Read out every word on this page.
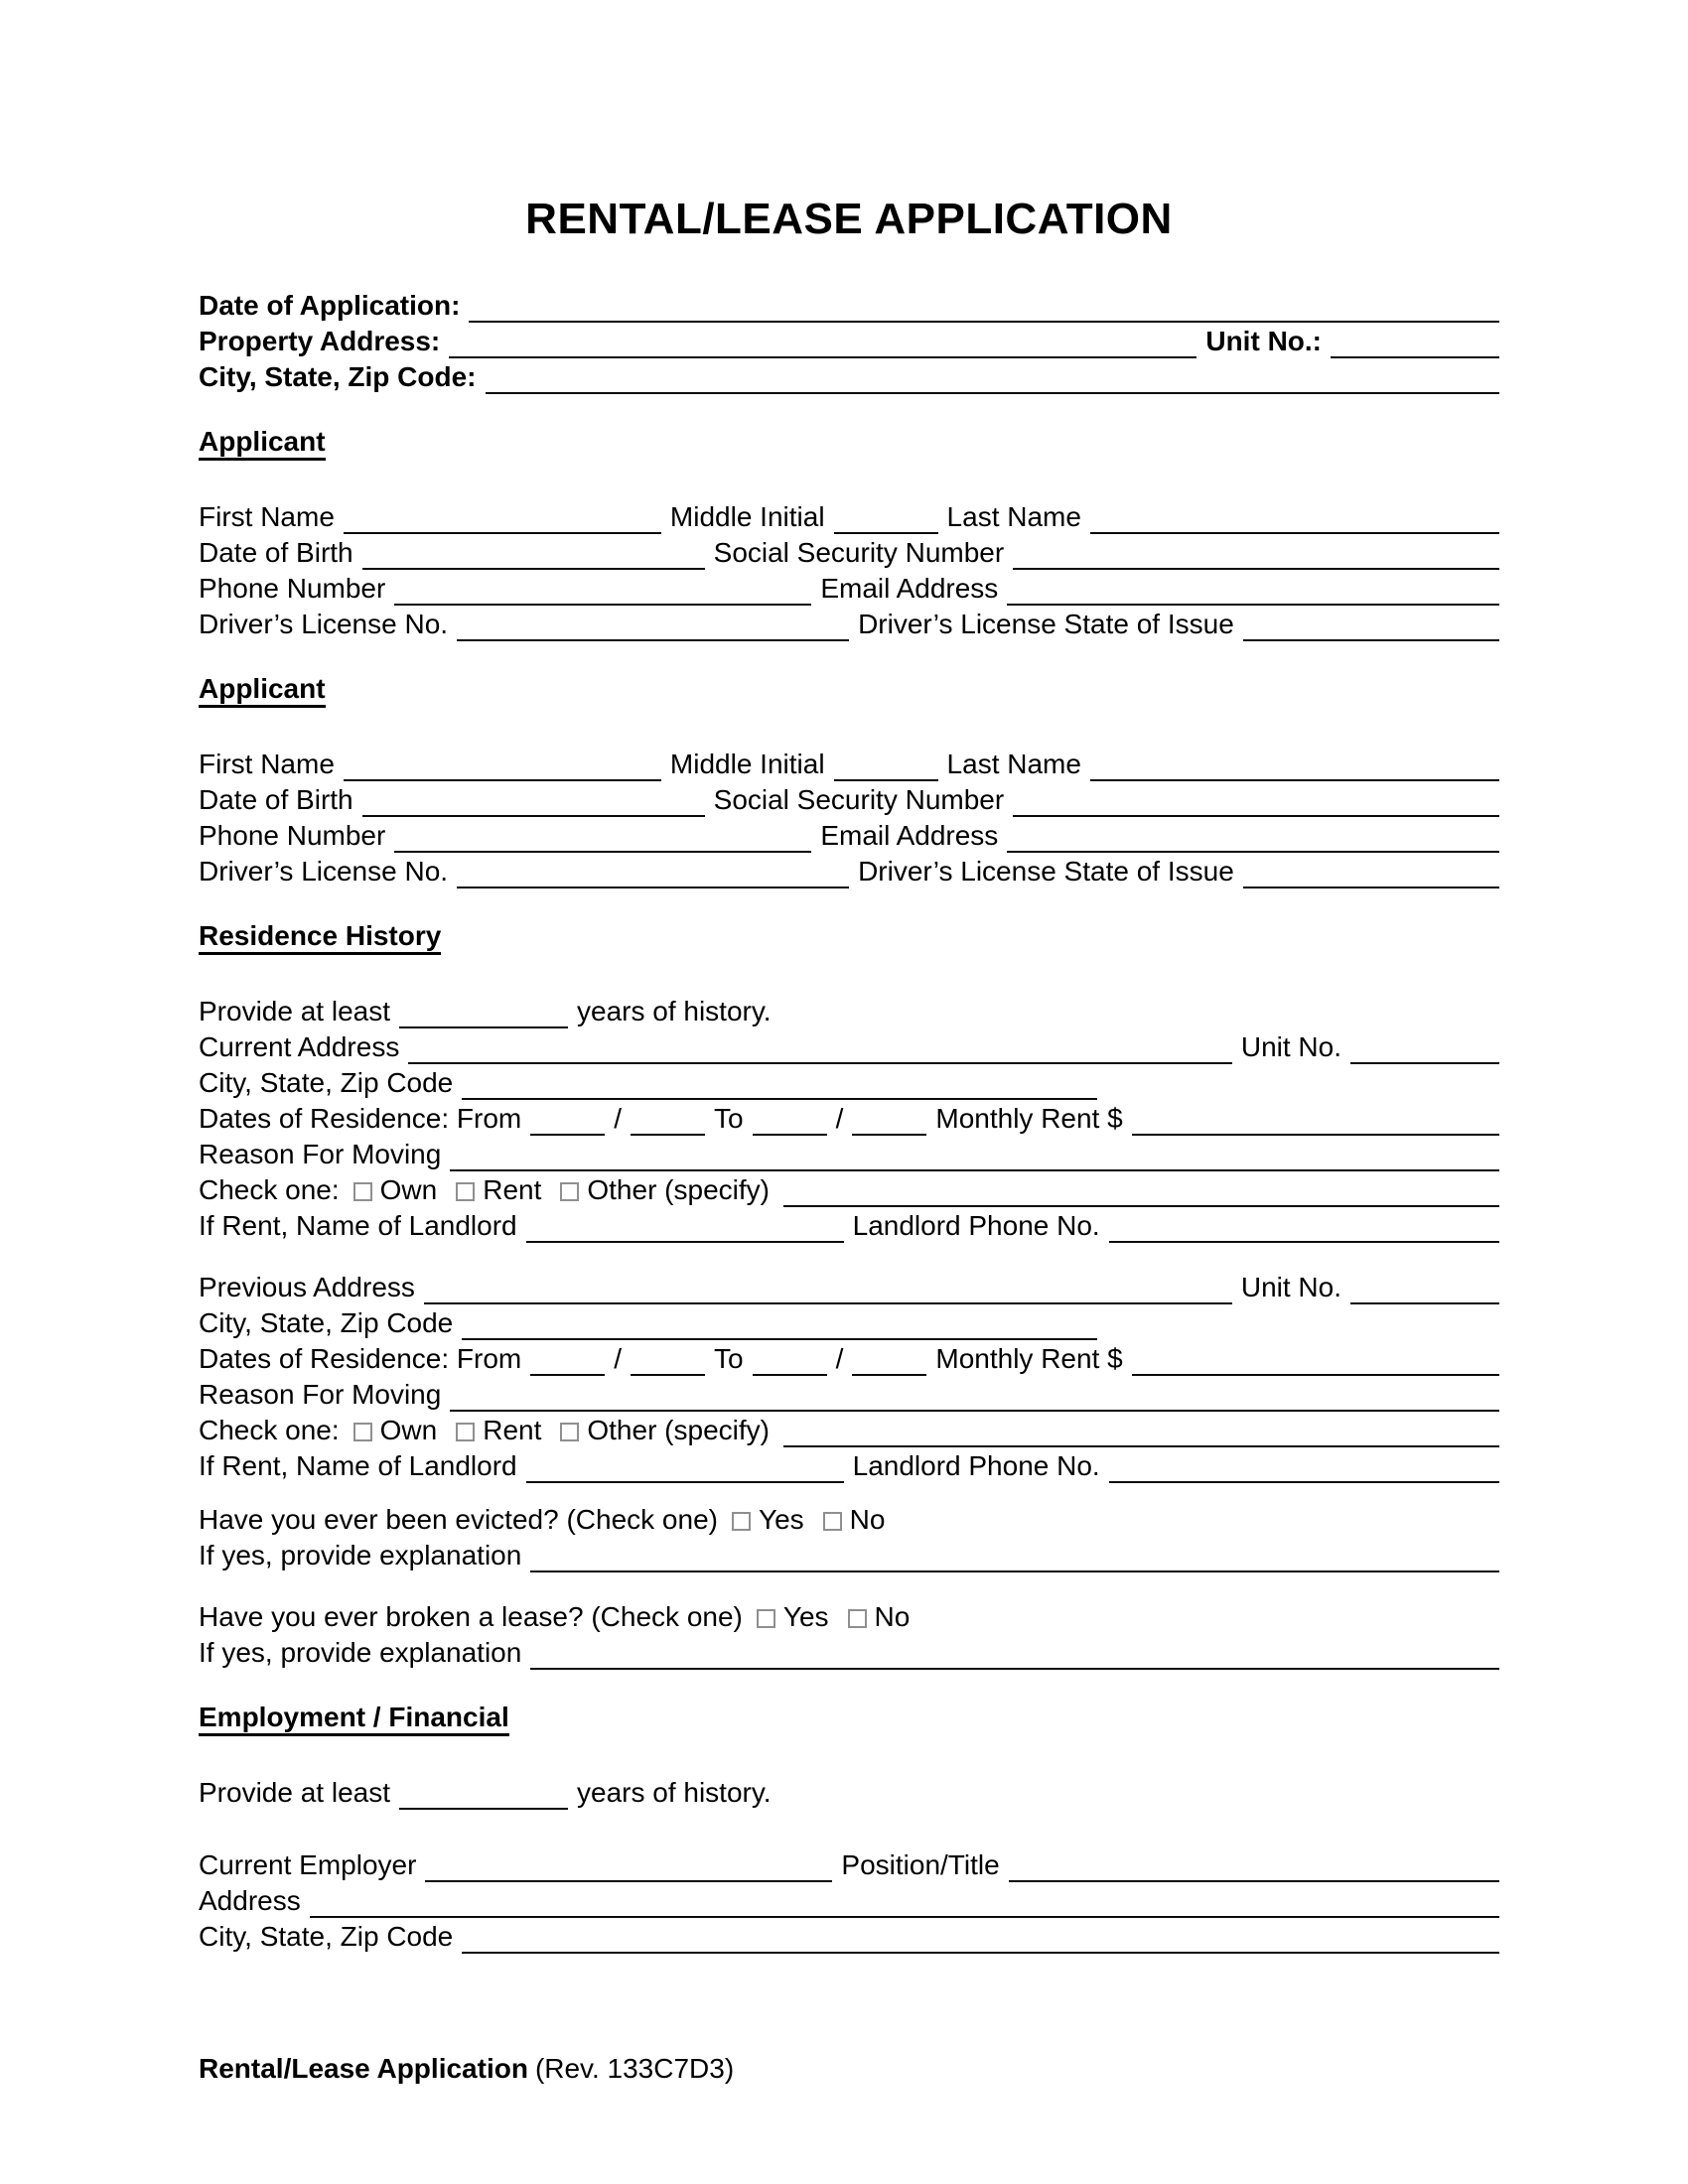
RENTAL/LEASE APPLICATION
Date of Application:
Property Address:	Unit No.:
City, State, Zip Code:
Applicant
First Name	Middle Initial	Last Name
Date of Birth	Social Security Number
Phone Number	Email Address
Driver’s License No.	Driver’s License State of Issue
Applicant
First Name	Middle Initial	Last Name
Date of Birth	Social Security Number
Phone Number	Email Address
Driver’s License No.	Driver’s License State of Issue
Residence History
Provide at least	years of history.
Current Address	Unit No.
City, State, Zip Code
Dates of Residence: From	/	To	/	Monthly Rent $
Reason For Moving
Check one: Own Rent Other (specify)
If Rent, Name of Landlord	Landlord Phone No.
Previous Address	Unit No.
City, State, Zip Code
Dates of Residence: From	/	To	/	Monthly Rent $
Reason For Moving
Check one: Own Rent Other (specify)
If Rent, Name of Landlord	Landlord Phone No.
Have you ever been evicted? (Check one) Yes No
If yes, provide explanation
Have you ever broken a lease? (Check one) Yes No
If yes, provide explanation
Employment / Financial
Provide at least	years of history.
Current Employer	Position/Title
Address
City, State, Zip Code
Rental/Lease Application (Rev. 133C7D3)
